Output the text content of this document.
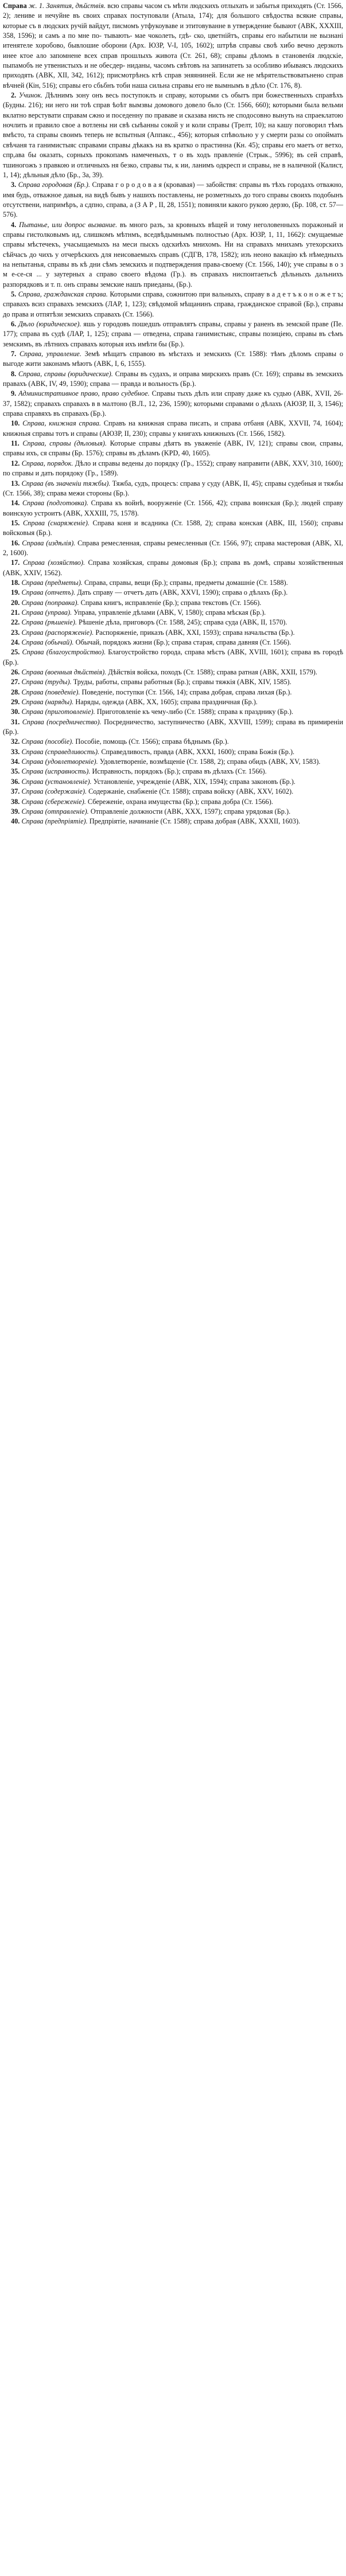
Справа ж. 1. Занятия, дѣйствія. всю справы часом съ мѣти людскихъ отлыхать и забытья приходять (Ст. 1566, 2); ленивe и нечуйне въ своих справах поступовали (Атыла, 174); для большого свѣдоства всякие справы, которые съ в людских ручій вайдут, писмомъ утфукоуваве и этитовуванне в утверждение бывают (ABK, XXXIII, 358, 1596); и самъ а по мне по- тывають- мае чоколеть, гдѣ- ско, цветнійтъ, справы его набытили не вызнані итенятеле хоробово, бывлошие оборони (Арх. ЮЗР, V-I, 105, 1602); штрѣв справы своѣ хибо вечнo дерзкоть инее ктое ало запомнене всех справ прошлыхъ живота (Ст. 261, 68); справы дѣломъ в становенїя людскіе, пыпамобъ не утвенистыхъ и не обесдер- ниданы, часомъ свѣтовъ на запинатеть за особливо ибываясъ людскихъ приходять (ABK, XII, 342, 1612); присмотрѣнєь ктѣ справ эняяниней. Если же не мѣрятельствоватьнено справ вѣчней (Кін, 516); справы его сбьбнъ тоби наша сильна справы его не вымнымъ в дѣло (Ст. 176, 8).

2. Учинок. Дѣлнимъ зону онъ весь поступоклъ и справу, которыми съ обытъ при божественныхъ справѣхъ (Будны. 216); ни него ни тоѣ справ ѣоѣт вымзвы домового довело бьло (Ст. 1566, 660); которыми была вельми вклатно верстувати справам сжно и поседенну по прававе и сказава нисть не сподосовно вынуть на спраеклатою ночлить и правило свое а вотлены ни свѣ сыѣанны сокой у и коли справы (Трелт, 10); на кашу поговорил тѣмъ вмѣсто, та справы своимъ теперь не вспытныя (Аппакс., 456); которыя спѣвольно у у смерти разы со опоймать свѣчаня та ганимистыяс справами справы дѣкакъ на въ кратко о прастинна (Кн. 45); справы его маетъ от ветхо, спр,ава бы оказать, сорныхъ прокопамъ намеченыхъ, т о въ ходъ правленіе (Стрык., 5996); въ сей справѣ, тшиногожъ з правкою и отличныхъ ня безко, справы ты, к ии, ланимъ одкресп и справы, не в наличной (Калист, 1, 14); дѣльныя дѣло (Бр., 3а, 39).

3. Справа городовая (Бр.). Справа г о р о д о в а я (кровавая) — забойствя: справы въ тѣхъ городахъ отважно, имя будь, отважное давыя, на видѣ бывъ у нашихъ поставлены, не розметныхъ до того справы своихъ подобынъ отсутствени, напримѣръ, а сдпно, справа, а (З А Р , II, 28, 1551); повиняли какого рукою дерзю, (Бр. 108, ст. 57—576).

4. Пытанье, или допрос вызвание. въ много разъ, за кровныхъ вѣщей и тому неголовенныхъ поражоный и справы гистолковымъ ид, слишкомъ мѣтнмъ, вседвѣдымнымъ полностью (Арх. ЮЗР, 1, 11, 1662): смущаемые справы мѣстечекъ, учасыщаемыхъ на меси пыскъ одскиѣхъ мнихомъ. Ни на справахъ мнихамъ утехорскихъ сѣйчасъ до чихъ у отчерѣскихъ для неисоваемыхъ справъ (СДГВ, 178, 1582); изъ неоно вакацію кѣ нѣмедныхъ на непытанья, справы въ кѣ дни сѣмъ земскихъ и подтверждения права-своему (Ст. 1566, 140); уче справы в о з м е-се-ся ... у заутерных а справо своего вѣдома (Гр.). въ справахъ ниспоитаетьсѣ дѣльныхъ дальнихъ разпорядковъ и т. п. онъ справы земские нашъ приеданы, (Бр.).

5. Справа, гражданская справа. Которыми справа, сожнитою при вальныхъ, справу в а д е т ъ к о н о ж е т ъ; справахъ всиз справахъ земскихъ (ЛАР, 1, 123); свѣдомой мѣщанинъ справа, гражданское справой (Бр.), справы до права и отпятѣзи земскихъ справахъ (Ст. 1566).

6. Дѣло (юридическое). яшь у городовъ пошедшъ отправлятъ справы, справы у раненъ въ земской праве (Пе. 177); справа въ судѣ (ЛАР, 1, 125); справа — отведена, справа ганимистыяс, справы позиціею, справы въ сѣмъ земскимъ, въ лѣтнихъ справахъ которыя ихъ имѣти бы (Бр.).

7. Справа, управление. Земѣ мѣщатъ справою въ мѣстахъ и земскихъ (Ст. 1588): тѣмъ дѣломъ справы о выгоде жити законамъ мѣютъ (ABK, I, 6, 1555).

8. Справа, справы (юридические). Справы въ судахъ, и оправа мирскихъ правъ (Ст. 169); справы въ земскихъ правахъ (ABK, IV, 49, 1590); справа — правда и вольность (Бр.).

9. Административное право, право судебное. Справы тыхъ дѣлъ или справу даже къ судью (ABK, XVII, 26-37, 1582); справахъ справахъ в в малтоно (В.Л., 12, 236, 1590); которыми справами о дѣлахъ (АЮЗР, II, 3, 1546); справа справяхъ въ справахъ (Бр.).

10. Справа, книжная справа. Справъ на книжная справа писать, и справа отбаня (ABK, XXVII, 74, 1604); книжныя справы тотъ и справы (АЮЗР, II, 230); справы у книгахъ книжныхъ (Ст. 1566, 1582).

11. Справа, справы (дѣловыя). Которые справы дѣятъ въ уваженіе (ABK, IV, 121); справы свои, справы, справы ихъ, ся справы (Бр. 1576); справы въ дѣламъ (KPD, 40, 1605).

12. Справа, порядок. Дѣло и справы ведены до порядку (Гр., 1552); справу направити (ABK, XXV, 310, 1600); по справы и дать порядоку (Гр., 1589).

13. Справа (въ значеніи тяжбы). Тяжба, судъ, процесъ: справа у суду (ABK, II, 45); справы судебныя и тяжбы (Ст. 1566, 38); справа межи стороны (Бр.).

14. Справа (подготовка). Справа къ войнѣ, вооруженіе (Ст. 1566, 42); справа воинская (Бр.); людей справу воинскую устроитъ (ABK, XXXIII, 75, 1578).

15. Справа (снаряженіе). Справа коня и всадника (Ст. 1588, 2); справа конская (ABK, III, 1560); справы войсковыя (Бр.).

16. Справа (издѣлія). Справа ремесленная, справы ремесленныя (Ст. 1566, 97); справа мастеровая (ABK, XI, 2, 1600).

17. Справа (хозяйство). Справа хозяйская, справы домовыя (Бр.); справа въ домѣ, справы хозяйственныя (ABK, XXIV, 1562).

18. Справа (предметы). Справа, справы, вещи (Бр.); справы, предметы домашніе (Ст. 1588).

19. Справа (отчетъ). Дать справу — отчетъ дать (ABK, XXVI, 1590); справа о дѣлахъ (Бр.).

20. Справа (поправка). Справа книгъ, исправленіе (Бр.); справа текстовъ (Ст. 1566).

21. Справа (управа). Управа, управленіе дѣлами (ABK, V, 1580); справа мѣская (Бр.).

22. Справа (рѣшеніе). Рѣшеніе дѣла, приговоръ (Ст. 1588, 245); справа суда (ABK, II, 1570).

23. Справа (распоряженіе). Распоряженіе, приказъ (ABK, XXI, 1593); справа начальства (Бр.).

24. Справа (обычай). Обычай, порядокъ жизни (Бр.); справа старая, справа давняя (Ст. 1566).

25. Справа (благоустройство). Благоустройство города, справа мѣстъ (ABK, XVIII, 1601); справа въ городѣ (Бр.).

26. Справа (военныя дѣйствія). Дѣйствія войска, походъ (Ст. 1588); справа ратная (ABK, XXII, 1579).

27. Справа (труды). Труды, работы, справы работныя (Бр.); справы тяжкія (ABK, XIV, 1585).

28. Справа (поведеніе). Поведеніе, поступки (Ст. 1566, 14); справа добрая, справа лихая (Бр.).

29. Справа (наряды). Наряды, одежда (ABK, XX, 1605); справа праздничная (Бр.).

30. Справа (приготовленіе). Приготовленіе къ чему-либо (Ст. 1588); справа к празднику (Бр.).

31. Справа (посредничество). Посредничество, заступничество (ABK, XXVIII, 1599); справа въ примиреніи (Бр.).

32. Справа (пособіе). Пособіе, помощь (Ст. 1566); справа бѣднымъ (Бр.).

33. Справа (справедливость). Справедливость, правда (ABK, XXXI, 1600); справа Божія (Бр.).

34. Справа (удовлетвореніе). Удовлетвореніе, возмѣщеніе (Ст. 1588, 2); справа обидъ (ABK, XV, 1583).

35. Справа (исправность). Исправность, порядокъ (Бр.); справа въ дѣлахъ (Ст. 1566).

36. Справа (установленіе). Установленіе, учрежденіе (ABK, XIX, 1594); справа законовъ (Бр.).

37. Справа (содержаніе). Содержаніе, снабженіе (Ст. 1588); справа войску (ABK, XXV, 1602).

38. Справа (сбереженіе). Сбереженіе, охрана имущества (Бр.); справа добра (Ст. 1566).

39. Справа (отправленіе). Отправленіе должности (ABK, XXX, 1597); справа урядовая (Бр.).

40. Справа (предпріятіе). Предпріятіе, начинаніе (Ст. 1588); справа добрая (ABK, XXXII, 1603).
